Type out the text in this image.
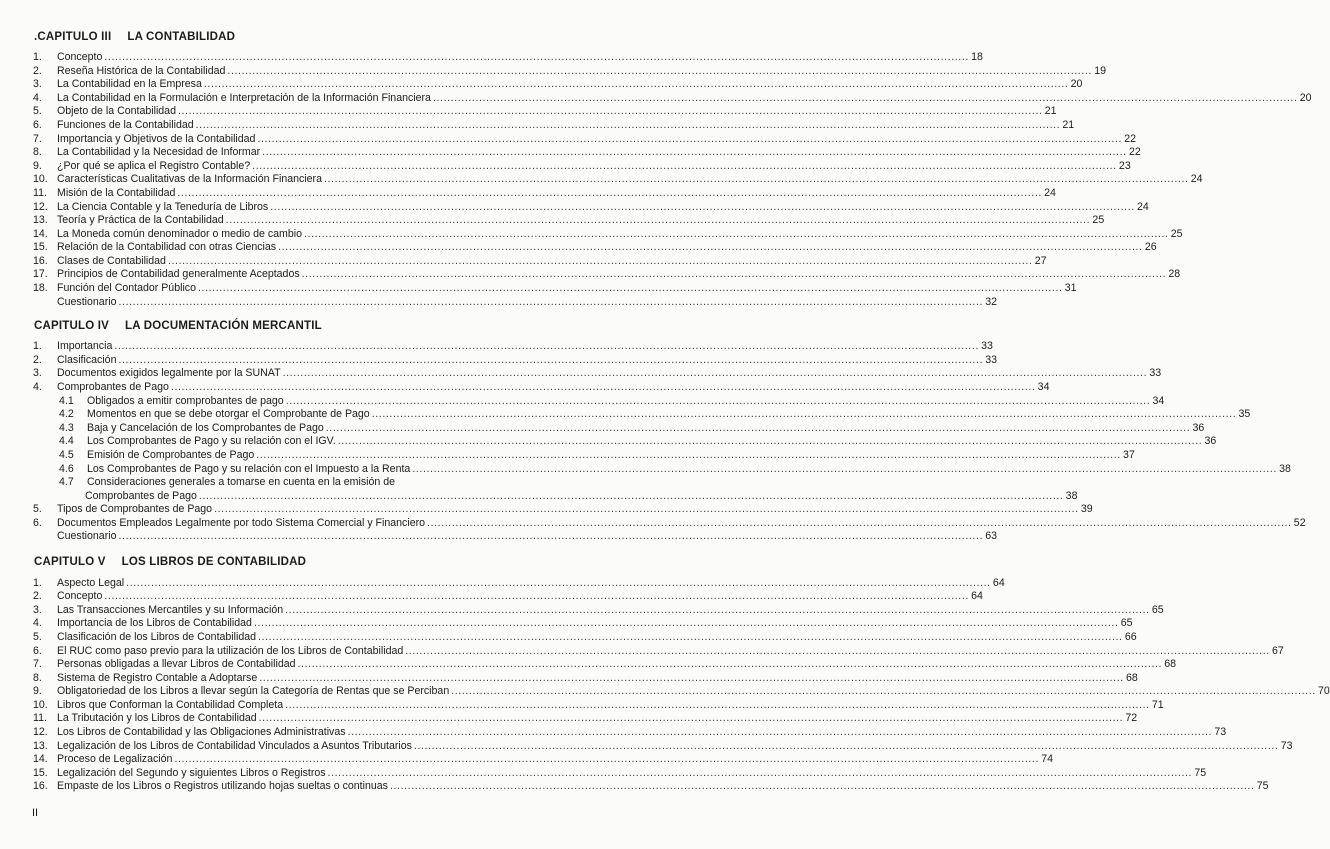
.CAPITULO III LA CONTABILIDAD
CAPITULO IV LA DOCUMENTACIÓN MERCANTIL
CAPITULO V LOS LIBROS DE CONTABILIDAD
1.	Concepto .....	18
2.	Reseña Histórica de la Contabilidad .....	19
3.	La Contabilidad en la Empresa .....	20
4.	La Contabilidad en la Formulación e Interpretación de la Información Financiera .....	20
5.	Objeto de la Contabilidad .....	21
6.	Funciones de la Contabilidad .....	21
7.	Importancia y Objetivos de la Contabilidad .....	22
8.	La Contabilidad y la Necesidad de Informar .....	22
9.	¿Por qué se aplica el Registro Contable? .....	23
10. Características Cualitativas de la Información Financiera .....	24
11. Misión de la Contabilidad .....	24
12. La Ciencia Contable y la Teneduría de Libros .....	24
13. Teoría y Práctica de la Contabilidad .....	25
14. La Moneda común denominador o medio de cambio .....	25
15. Relación de la Contabilidad con otras Ciencias .....	26
16. Clases de Contabilidad .....	27
17. Principios de Contabilidad generalmente Aceptados .....	28
18. Función del Contador Público .....	31
Cuestionario .....	32
1.	Importancia .....	33
2.	Clasificación .....	33
3.	Documentos exigidos legalmente por la SUNAT .....	33
4.	Comprobantes de Pago .....	34
4.1	Obligados a emitir comprobantes de pago .....	34
4.2	Momentos en que se debe otorgar el Comprobante de Pago .....	35
4.3	Baja y Cancelación de los Comprobantes de Pago .....	36
4.4	Los Comprobantes de Pago y su relación con el IGV. .....	36
4.5	Emisión de Comprobantes de Pago .....	37
4.6	Los Comprobantes de Pago y su relación con el Impuesto a la Renta .....	38
4.7	Consideraciones generales a tomarse en cuenta en la emisión de
Comprobantes de Pago .....	38
5.	Tipos de Comprobantes de Pago .....	39
6.	Documentos Empleados Legalmente por todo Sistema Comercial y Financiero .....	52
Cuestionario .....	63
1.	Aspecto Legal .....	64
2.	Concepto .....	64
3.	Las Transacciones Mercantiles y su Información .....	65
4.	Importancia de los Libros de Contabilidad .....	65
5.	Clasificación de los Libros de Contabilidad .....	66
6.	El RUC como paso previo para la utilización de los Libros de Contabilidad .....	67
7.	Personas obligadas a llevar Libros de Contabilidad .....	68
8.	Sistema de Registro Contable a Adoptarse .....	68
9.	Obligatoriedad de los Libros a llevar según la Categoría de Rentas que se Perciban .....	70
10. Libros que Conforman la Contabilidad Completa .....	71
11. La Tributación y los Libros de Contabilidad .....	72
12. Los Libros de Contabilidad y las Obligaciones Administrativas .....	73
13. Legalización de los Libros de Contabilidad Vinculados a Asuntos Tributarios .....	73
14. Proceso de Legalización .....	74
15. Legalización del Segundo y siguientes Libros o Registros .....	75
16. Empaste de los Libros o Registros utilizando hojas sueltas o continuas .....	75
II
